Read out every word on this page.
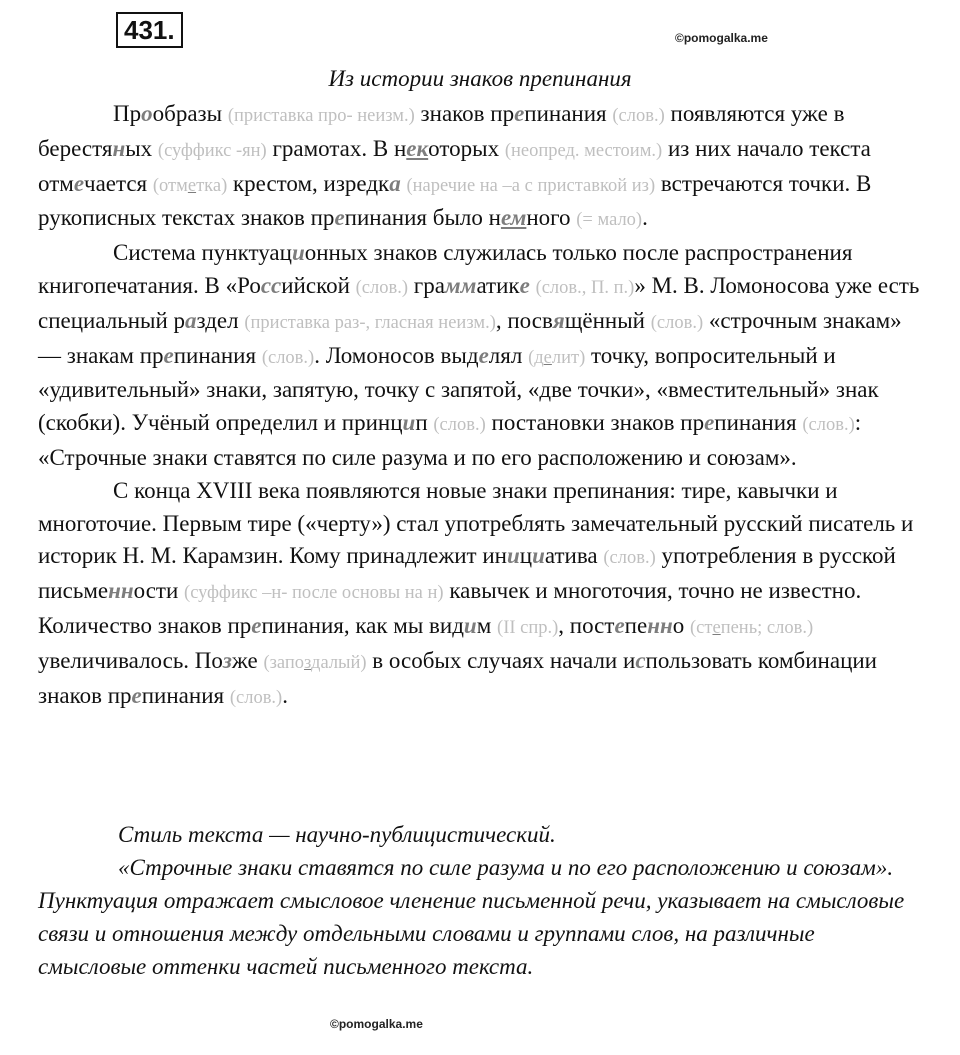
431.	©pomogalka.me
Из истории знаков препинания

Прообразы (приставка про- неизм.) знаков препинания (слов.) появляются уже в берестяных (суффикс -ян) грамотах. В некоторых (неопред. местоим.) из них начало текста отмечается (отметка) крестом, изредка (наречие на –а с приставкой из) встречаются точки. В рукописных текстах знаков препинания было немного (= мало).

Система пунктуационных знаков служилась только после распространения книгопечатания. В «Российской (слов.) грамматике (слов., П. п.)» М. В. Ломоносова уже есть специальный раздел (приставка раз-, гласная неизм.), посвящённый (слов.) «строчным знакам» — знакам препинания (слов.). Ломоносов выделял (делит) точку, вопросительный и «удивительный» знаки, запятую, точку с запятой, «две точки», «вместительный» знак (скобки). Учёный определил и принцип (слов.) постановки знаков препинания (слов.): «Строчные знаки ставятся по силе разума и по его расположению и союзам».

С конца XVIII века появляются новые знаки препинания: тире, кавычки и многоточие. Первым тире («черту») стал употреблять замечательный русский писатель и историк Н. М. Карамзин. Кому принадлежит инициатива (слов.) употребления в русской письменности (суффикс –н- после основы на н) кавычек и многоточия, точно не известно. Количество знаков препинания, как мы видим (II спр.), постепенно (степень; слов.) увеличивалось. Позже (запоздалый) в особых случаях начали использовать комбинации знаков препинания (слов.).

Стиль текста — научно-публицистический.

«Строчные знаки ставятся по силе разума и по его расположению и союзам». Пунктуация отражает смысловое членение письменной речи, указывает на смысловые связи и отношения между отдельными словами и группами слов, на различные смысловые оттенки частей письменного текста.

©pomogalka.me
